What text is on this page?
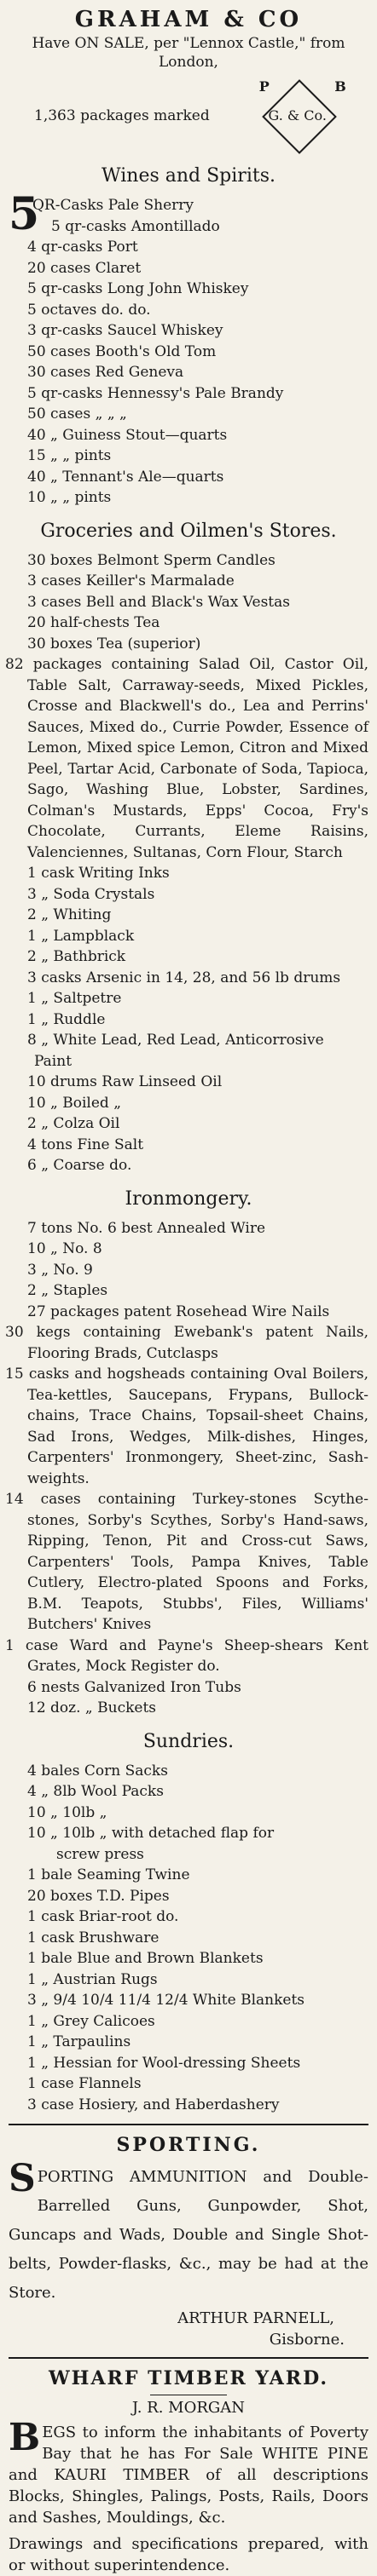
GRAHAM & CO
Have ON SALE, per "Lennox Castle," from
London,
1,363 packages marked
P	B
G. & Co.
Wines and Spirits.
5
QR-Casks Pale Sherry
5 qr-casks Amontillado
4 qr-casks Port
20 cases Claret
5 qr-casks Long John Whiskey
5 octaves do. do.
3 qr-casks Saucel Whiskey
50 cases Booth's Old Tom
30 cases Red Geneva
5 qr-casks Hennessy's Pale Brandy
50 cases „ „ „
40 „ Guiness Stout—quarts
15 „ „ pints
40 „ Tennant's Ale—quarts
10 „ „ pints
Groceries and Oilmen's Stores.
30 boxes Belmont Sperm Candles
3 cases Keiller's Marmalade
3 cases Bell and Black's Wax Vestas
20 half-chests Tea
30 boxes Tea (superior)
82 packages containing Salad Oil, Castor Oil, Table Salt, Carraway-seeds, Mixed Pickles, Crosse and Blackwell's do., Lea and Perrins' Sauces, Mixed do., Currie Powder, Essence of Lemon, Mixed spice Lemon, Citron and Mixed Peel, Tartar Acid, Carbonate of Soda, Tapioca, Sago, Washing Blue, Lobster, Sardines, Colman's Mustards, Epps' Cocoa, Fry's Chocolate, Currants, Eleme Raisins, Valenciennes, Sultanas, Corn Flour, Starch
1 cask Writing Inks
3 „ Soda Crystals
2 „ Whiting
1 „ Lampblack
2 „ Bathbrick
3 casks Arsenic in 14, 28, and 56 lb drums
1 „ Saltpetre
1 „ Ruddle
8 „ White Lead, Red Lead, Anticorrosive
Paint
10 drums Raw Linseed Oil
10 „ Boiled „
2 „ Colza Oil
4 tons Fine Salt
6 „ Coarse do.
Ironmongery.
7 tons No. 6 best Annealed Wire
10 „ No. 8
3 „ No. 9
2 „ Staples
27 packages patent Rosehead Wire Nails
30 kegs containing Ewebank's patent Nails, Flooring Brads, Cutclasps
15 casks and hogsheads containing Oval Boilers, Tea-kettles, Saucepans, Frypans, Bullock-chains, Trace Chains, Topsail-sheet Chains, Sad Irons, Wedges, Milk-dishes, Hinges, Carpenters' Ironmongery, Sheet-zinc, Sash-weights.
14 cases containing Turkey-stones Scythe-stones, Sorby's Scythes, Sorby's Hand-saws, Ripping, Tenon, Pit and Cross-cut Saws, Carpenters' Tools, Pampa Knives, Table Cutlery, Electro-plated Spoons and Forks, B.M. Teapots, Stubbs', Files, Williams' Butchers' Knives
1 case Ward and Payne's Sheep-shears Kent Grates, Mock Register do.
6 nests Galvanized Iron Tubs
12 doz. „ Buckets
Sundries.
4 bales Corn Sacks
4 „ 8lb Wool Packs
10 „ 10lb „
10 „ 10lb „ with detached flap for
screw press
1 bale Seaming Twine
20 boxes T.D. Pipes
1 cask Briar-root do.
1 cask Brushware
1 bale Blue and Brown Blankets
1 „ Austrian Rugs
3 „ 9/4 10/4 11/4 12/4 White Blankets
1 „ Grey Calicoes
1 „ Tarpaulins
1 „ Hessian for Wool-dressing Sheets
1 case Flannels
3 case Hosiery, and Haberdashery
SPORTING.
S PORTING AMMUNITION and Double-Barrelled Guns, Gunpowder, Shot, Guncaps and Wads, Double and Single Shot-belts, Powder-flasks, &c., may be had at the Store.
ARTHUR PARNELL,
Gisborne.
WHARF TIMBER YARD.
J. R. MORGAN
B EGS to inform the inhabitants of Poverty Bay that he has For Sale WHITE PINE and KAURI TIMBER of all descriptions Blocks, Shingles, Palings, Posts, Rails, Doors and Sashes, Mouldings, &c.
Drawings and specifications prepared, with or without superintendence.
